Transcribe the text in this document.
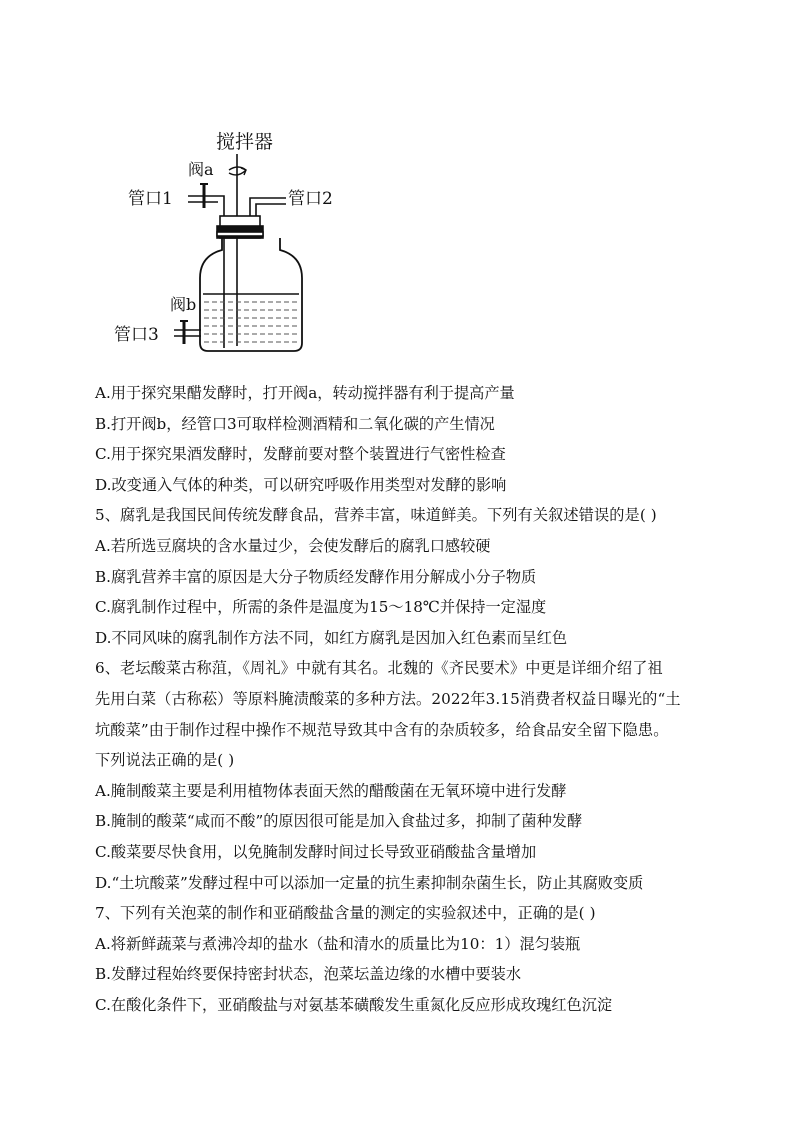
搅拌器
阀a
管口1	管口2
阀b
管口3
A.用于探究果醋发酵时，打开阀a，转动搅拌器有利于提高产量
B.打开阀b，经管口3可取样检测酒精和二氧化碳的产生情况
C.用于探究果酒发酵时，发酵前要对整个装置进行气密性检查
D.改变通入气体的种类，可以研究呼吸作用类型对发酵的影响
5、腐乳是我国民间传统发酵食品，营养丰富，味道鲜美。下列有关叙述错误的是( )
A.若所选豆腐块的含水量过少，会使发酵后的腐乳口感较硬
B.腐乳营养丰富的原因是大分子物质经发酵作用分解成小分子物质
C.腐乳制作过程中，所需的条件是温度为15～18℃并保持一定湿度
D.不同风味的腐乳制作方法不同，如红方腐乳是因加入红色素而呈红色
6、老坛酸菜古称菹，《周礼》中就有其名。北魏的《齐民要术》中更是详细介绍了祖
先用白菜（古称菘）等原料腌渍酸菜的多种方法。2022年3.15消费者权益日曝光的“土
坑酸菜”由于制作过程中操作不规范导致其中含有的杂质较多，给食品安全留下隐患。
下列说法正确的是( )
A.腌制酸菜主要是利用植物体表面天然的醋酸菌在无氧环境中进行发酵
B.腌制的酸菜“咸而不酸”的原因很可能是加入食盐过多，抑制了菌种发酵
C.酸菜要尽快食用，以免腌制发酵时间过长导致亚硝酸盐含量增加
D.“土坑酸菜”发酵过程中可以添加一定量的抗生素抑制杂菌生长，防止其腐败变质
7、下列有关泡菜的制作和亚硝酸盐含量的测定的实验叙述中，正确的是( )
A.将新鲜蔬菜与煮沸冷却的盐水（盐和清水的质量比为10：1）混匀装瓶
B.发酵过程始终要保持密封状态，泡菜坛盖边缘的水槽中要装水
C.在酸化条件下，亚硝酸盐与对氨基苯磺酸发生重氮化反应形成玫瑰红色沉淀
